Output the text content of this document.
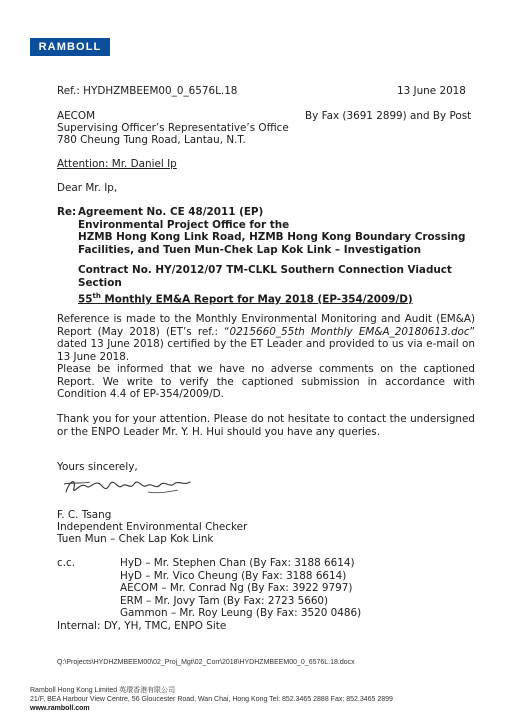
RAMBOLL
Ref.: HYDHZMBEEM00_0_6576L.18	13 June 2018
AECOM
Supervising Officer’s Representative’s Office
780 Cheung Tung Road, Lantau, N.T.
By Fax (3691 2899) and By Post
Attention: Mr. Daniel Ip
Dear Mr. Ip,
Re: Agreement No. CE 48/2011 (EP)
Environmental Project Office for the
HZMB Hong Kong Link Road, HZMB Hong Kong Boundary Crossing
Facilities, and Tuen Mun-Chek Lap Kok Link – Investigation
Contract No. HY/2012/07 TM-CLKL Southern Connection Viaduct
Section
55th Monthly EM&A Report for May 2018 (EP-354/2009/D)
Reference is made to the Monthly Environmental Monitoring and Audit (EM&A) Report (May 2018) (ET’s ref.: “0215660_55th Monthly EM&A_20180613.doc” dated 13 June 2018) certified by the ET Leader and provided to us via e-mail on 13 June 2018.
Please be informed that we have no adverse comments on the captioned Report. We write to verify the captioned submission in accordance with Condition 4.4 of EP-354/2009/D.
Thank you for your attention. Please do not hesitate to contact the undersigned or the ENPO Leader Mr. Y. H. Hui should you have any queries.
Yours sincerely,
F. C. Tsang
Independent Environmental Checker
Tuen Mun – Chek Lap Kok Link
c.c.	HyD – Mr. Stephen Chan (By Fax: 3188 6614)
HyD – Mr. Vico Cheung (By Fax: 3188 6614)
AECOM – Mr. Conrad Ng (By Fax: 3922 9797)
ERM – Mr. Jovy Tam (By Fax: 2723 5660)
Gammon – Mr. Roy Leung (By Fax: 3520 0486)
Internal: DY, YH, TMC, ENPO Site
Q:\Projects\HYDHZMBEEM00\02_Proj_Mgt\02_Corr\2018\HYDHZMBEEM00_0_6576L.18.docx
Ramboll Hong Kong Limited 英環香港有限公司
21/F, BEA Harbour View Centre, 56 Gloucester Road, Wan Chai, Hong Kong Tel: 852.3465 2888 Fax: 852.3465 2899
www.ramboll.com
